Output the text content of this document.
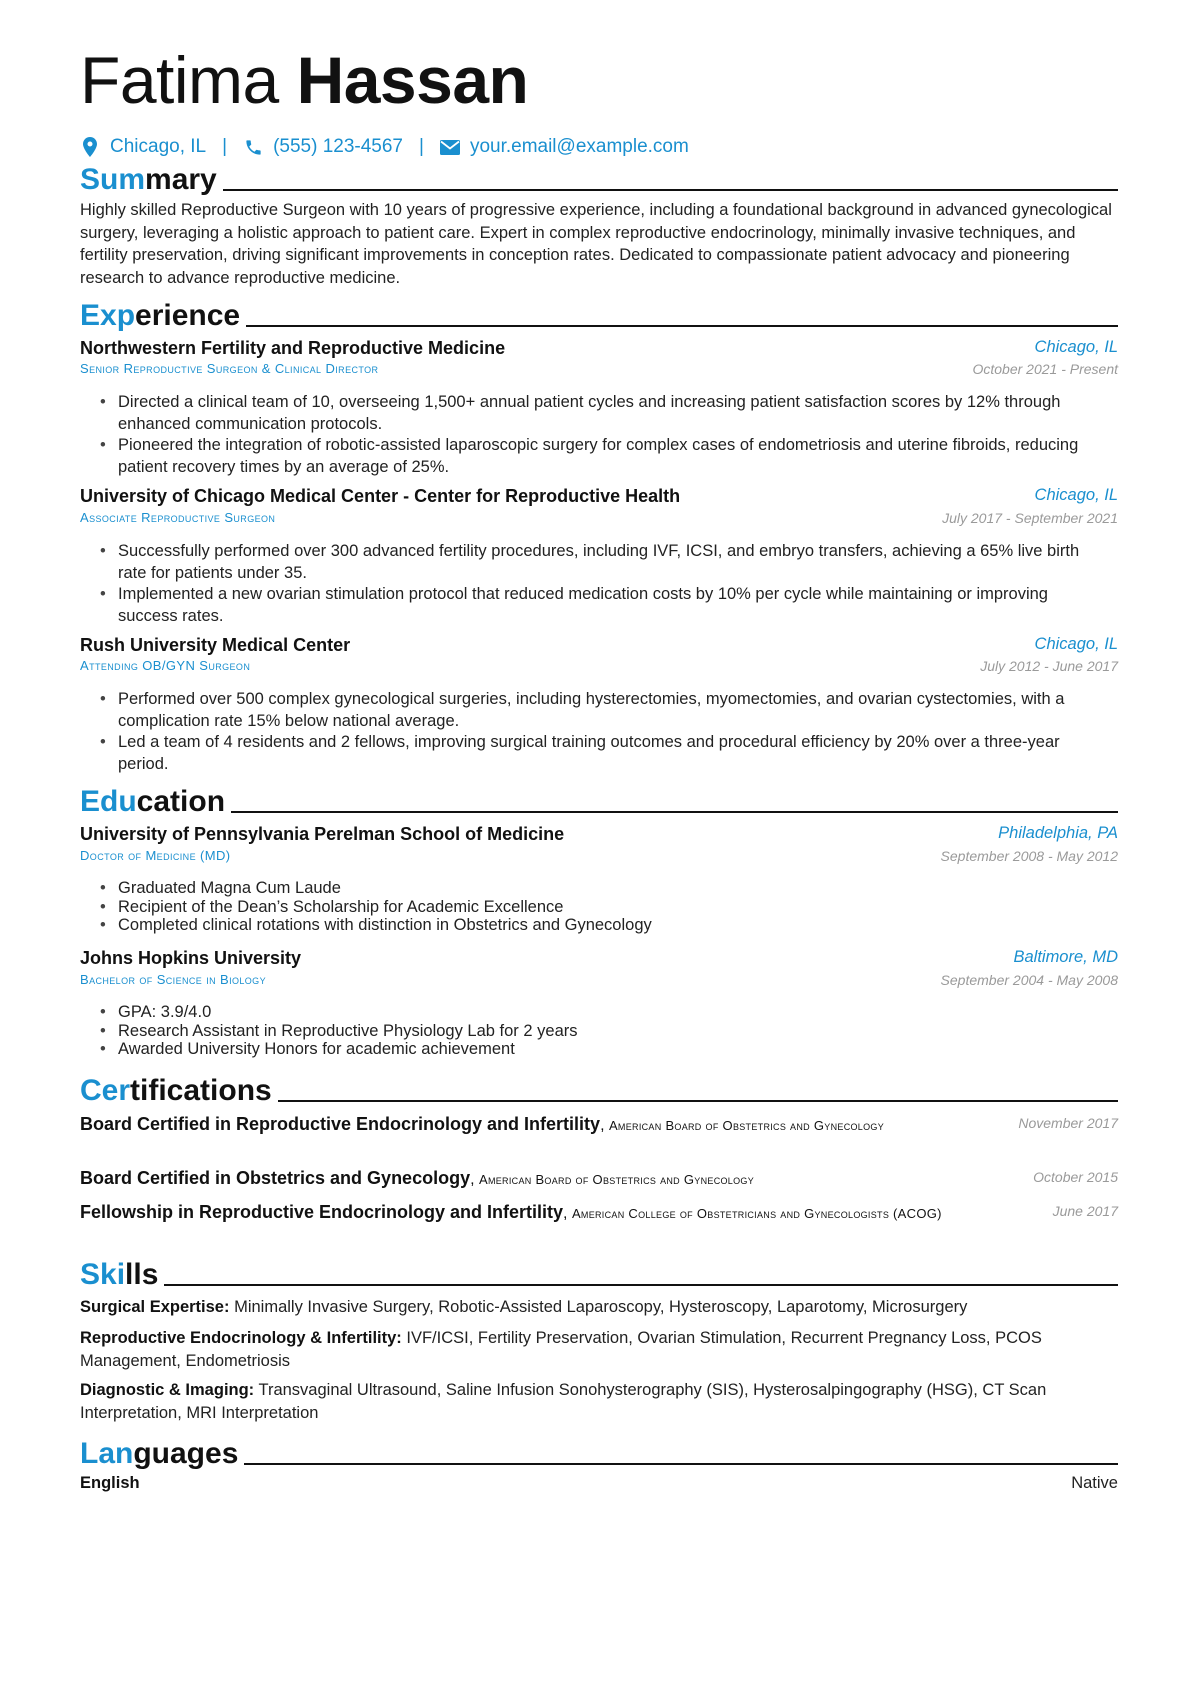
Fatima Hassan
Chicago, IL | (555) 123-4567 | your.email@example.com
Summary
Highly skilled Reproductive Surgeon with 10 years of progressive experience, including a foundational background in advanced gynecological surgery, leveraging a holistic approach to patient care. Expert in complex reproductive endocrinology, minimally invasive techniques, and fertility preservation, driving significant improvements in conception rates. Dedicated to compassionate patient advocacy and pioneering research to advance reproductive medicine.
Experience
Northwestern Fertility and Reproductive Medicine	Chicago, IL
Senior Reproductive Surgeon & Clinical Director	October 2021 - Present
• Directed a clinical team of 10, overseeing 1,500+ annual patient cycles and increasing patient satisfaction scores by 12% through enhanced communication protocols.
• Pioneered the integration of robotic-assisted laparoscopic surgery for complex cases of endometriosis and uterine fibroids, reducing patient recovery times by an average of 25%.
University of Chicago Medical Center - Center for Reproductive Health	Chicago, IL
Associate Reproductive Surgeon	July 2017 - September 2021
• Successfully performed over 300 advanced fertility procedures, including IVF, ICSI, and embryo transfers, achieving a 65% live birth rate for patients under 35.
• Implemented a new ovarian stimulation protocol that reduced medication costs by 10% per cycle while maintaining or improving success rates.
Rush University Medical Center	Chicago, IL
Attending OB/GYN Surgeon	July 2012 - June 2017
• Performed over 500 complex gynecological surgeries, including hysterectomies, myomectomies, and ovarian cystectomies, with a complication rate 15% below national average.
• Led a team of 4 residents and 2 fellows, improving surgical training outcomes and procedural efficiency by 20% over a three-year period.
Education
University of Pennsylvania Perelman School of Medicine	Philadelphia, PA
Doctor of Medicine (MD)	September 2008 - May 2012
• Graduated Magna Cum Laude
• Recipient of the Dean’s Scholarship for Academic Excellence
• Completed clinical rotations with distinction in Obstetrics and Gynecology
Johns Hopkins University	Baltimore, MD
Bachelor of Science in Biology	September 2004 - May 2008
• GPA: 3.9/4.0
• Research Assistant in Reproductive Physiology Lab for 2 years
• Awarded University Honors for academic achievement
Certifications
Board Certified in Reproductive Endocrinology and Infertility, American Board of Obstetrics and Gynecology	November 2017
Board Certified in Obstetrics and Gynecology, American Board of Obstetrics and Gynecology	October 2015
Fellowship in Reproductive Endocrinology and Infertility, American College of Obstetricians and Gynecologists (ACOG)	June 2017
Skills
Surgical Expertise: Minimally Invasive Surgery, Robotic-Assisted Laparoscopy, Hysteroscopy, Laparotomy, Microsurgery
Reproductive Endocrinology & Infertility: IVF/ICSI, Fertility Preservation, Ovarian Stimulation, Recurrent Pregnancy Loss, PCOS Management, Endometriosis
Diagnostic & Imaging: Transvaginal Ultrasound, Saline Infusion Sonohysterography (SIS), Hysterosalpingography (HSG), CT Scan Interpretation, MRI Interpretation
Languages
English	Native
